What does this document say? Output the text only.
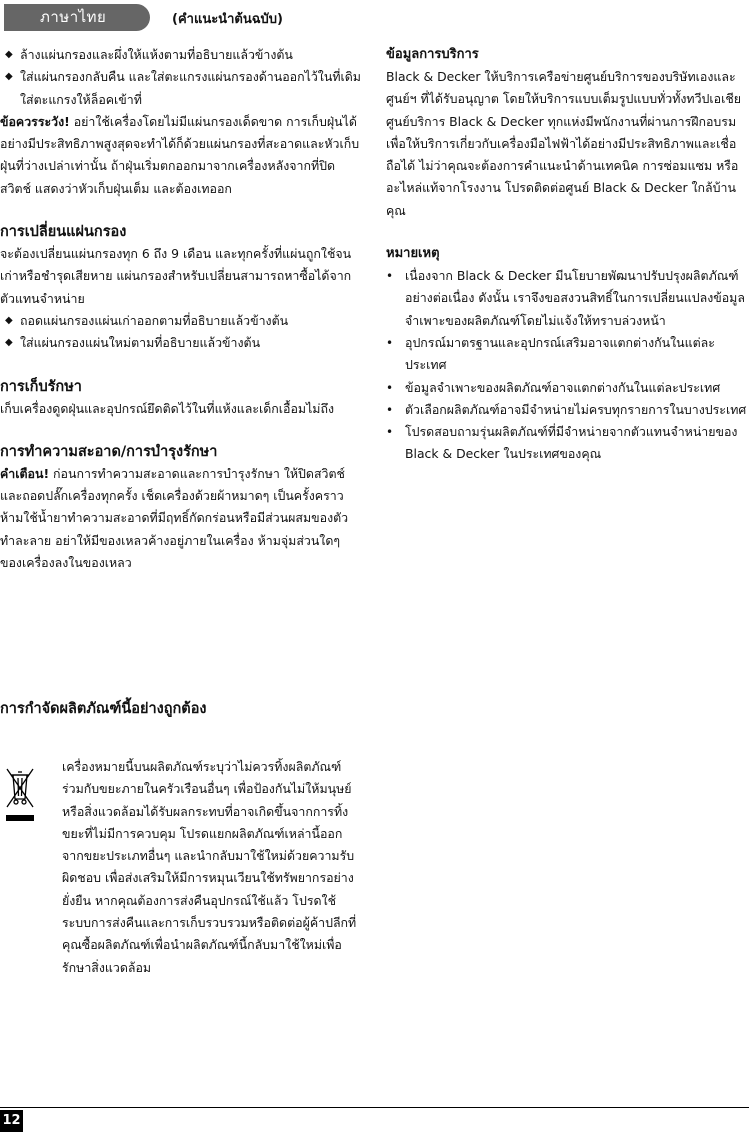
ภาษาไทย	(คำแนะนำต้นฉบับ)
◆ ล้างแผ่นกรองและผึ่งให้แห้งตามที่อธิบายแล้วข้างต้น
◆ ใส่แผ่นกรองกลับคืน และใส่ตะแกรงแผ่นกรองด้านออกไว้ในที่เดิม ใส่ตะแกรงให้ล็อคเข้าที่

ข้อควรระวัง! อย่าใช้เครื่องโดยไม่มีแผ่นกรองเด็ดขาด การเก็บฝุ่นได้อย่างมีประสิทธิภาพสูงสุดจะทำได้ก็ด้วยแผ่นกรองที่สะอาดและหัวเก็บฝุ่นที่ว่างเปล่าเท่านั้น ถ้าฝุ่นเริ่มตกออกมาจากเครื่องหลังจากที่ปิดสวิตช์ แสดงว่าหัวเก็บฝุ่นเต็ม และต้องเทออก

การเปลี่ยนแผ่นกรอง

จะต้องเปลี่ยนแผ่นกรองทุก 6 ถึง 9 เดือน และทุกครั้งที่แผ่นถูกใช้จนเก่าหรือชำรุดเสียหาย แผ่นกรองสำหรับเปลี่ยนสามารถหาซื้อได้จากตัวแทนจำหน่าย

◆ ถอดแผ่นกรองแผ่นเก่าออกตามที่อธิบายแล้วข้างต้น
◆ ใส่แผ่นกรองแผ่นใหม่ตามที่อธิบายแล้วข้างต้น

การเก็บรักษา

เก็บเครื่องดูดฝุ่นและอุปกรณ์ยึดติดไว้ในที่แห้งและเด็กเอื้อมไม่ถึง

การทำความสะอาด/การบำรุงรักษา

คำเตือน! ก่อนการทำความสะอาดและการบำรุงรักษา ให้ปิดสวิตช์และถอดปลั๊กเครื่องทุกครั้ง เช็ดเครื่องด้วยผ้าหมาดๆ เป็นครั้งคราว ห้ามใช้น้ำยาทำความสะอาดที่มีฤทธิ์กัดกร่อนหรือมีส่วนผสมของตัวทำละลาย อย่าให้มีของเหลวค้างอยู่ภายในเครื่อง ห้ามจุ่มส่วนใดๆ ของเครื่องลงในของเหลว

การกำจัดผลิตภัณฑ์นี้อย่างถูกต้อง

เครื่องหมายนี้บนผลิตภัณฑ์ระบุว่าไม่ควรทิ้งผลิตภัณฑ์ร่วมกับขยะภายในครัวเรือนอื่นๆ เพื่อป้องกันไม่ให้มนุษย์หรือสิ่งแวดล้อมได้รับผลกระทบที่อาจเกิดขึ้นจากการทิ้งขยะที่ไม่มีการควบคุม โปรดแยกผลิตภัณฑ์เหล่านี้ออกจากขยะประเภทอื่นๆ และนำกลับมาใช้ใหม่ด้วยความรับผิดชอบ เพื่อส่งเสริมให้มีการหมุนเวียนใช้ทรัพยากรอย่างยั่งยืน หากคุณต้องการส่งคืนอุปกรณ์ใช้แล้ว โปรดใช้ระบบการส่งคืนและการเก็บรวบรวมหรือติดต่อผู้ค้าปลีกที่คุณซื้อผลิตภัณฑ์เพื่อนำผลิตภัณฑ์นี้กลับมาใช้ใหม่เพื่อรักษาสิ่งแวดล้อม

ข้อมูลการบริการ

Black & Decker ให้บริการเครือข่ายศูนย์บริการของบริษัทเองและศูนย์ฯ ที่ได้รับอนุญาต โดยให้บริการแบบเต็มรูปแบบทั่วทั้งทวีปเอเชีย ศูนย์บริการ Black & Decker ทุกแห่งมีพนักงานที่ผ่านการฝึกอบรมเพื่อให้บริการเกี่ยวกับเครื่องมือไฟฟ้าได้อย่างมีประสิทธิภาพและเชื่อถือได้ ไม่ว่าคุณจะต้องการคำแนะนำด้านเทคนิค การซ่อมแซม หรืออะไหล่แท้จากโรงงาน โปรดติดต่อศูนย์ Black & Decker ใกล้บ้านคุณ

หมายเหตุ

• เนื่องจาก Black & Decker มีนโยบายพัฒนาปรับปรุงผลิตภัณฑ์อย่างต่อเนื่อง ดังนั้น เราจึงขอสงวนสิทธิ์ในการเปลี่ยนแปลงข้อมูลจำเพาะของผลิตภัณฑ์โดยไม่แจ้งให้ทราบล่วงหน้า
• อุปกรณ์มาตรฐานและอุปกรณ์เสริมอาจแตกต่างกันในแต่ละประเทศ
• ข้อมูลจำเพาะของผลิตภัณฑ์อาจแตกต่างกันในแต่ละประเทศ
• ตัวเลือกผลิตภัณฑ์อาจมีจำหน่ายไม่ครบทุกรายการในบางประเทศ
• โปรดสอบถามรุ่นผลิตภัณฑ์ที่มีจำหน่ายจากตัวแทนจำหน่ายของ Black & Decker ในประเทศของคุณ
12
